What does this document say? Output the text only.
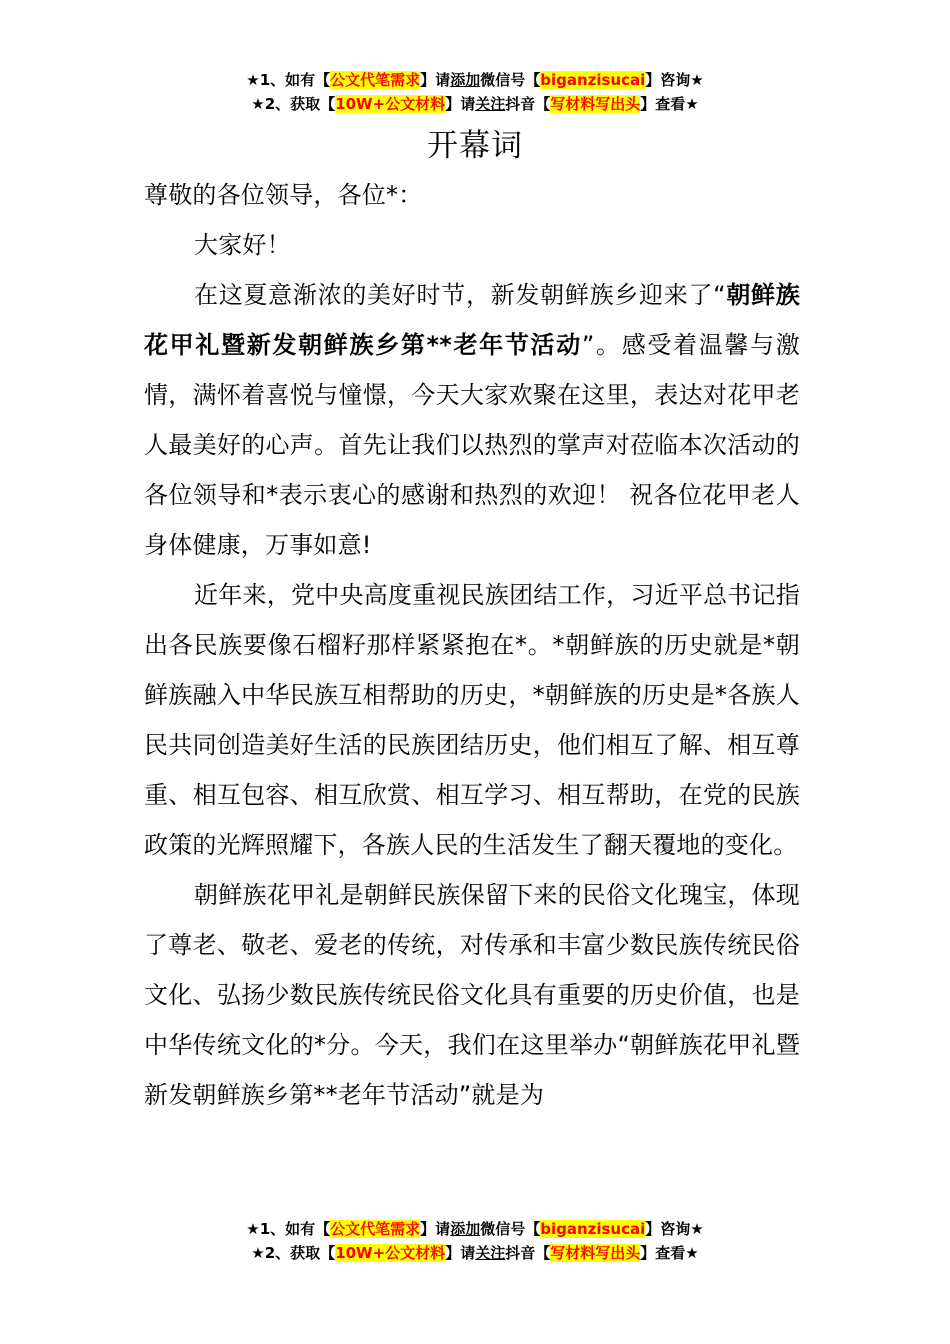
★1、如有【公文代笔需求】请添加微信号【biganzisucai】咨询★
★2、获取【10W+公文材料】请关注抖音【写材料写出头】查看★
开幕词

尊敬的各位领导，各位*：

大家好！

在这夏意渐浓的美好时节，新发朝鲜族乡迎来了“朝鲜族花甲礼暨新发朝鲜族乡第**老年节活动”。感受着温馨与激情，满怀着喜悦与憧憬，今天大家欢聚在这里，表达对花甲老人最美好的心声。首先让我们以热烈的掌声对莅临本次活动的各位领导和*表示衷心的感谢和热烈的欢迎！ 祝各位花甲老人身体健康，万事如意!

近年来，党中央高度重视民族团结工作，习近平总书记指出各民族要像石榴籽那样紧紧抱在*。*朝鲜族的历史就是*朝鲜族融入中华民族互相帮助的历史，*朝鲜族的历史是*各族人民共同创造美好生活的民族团结历史，他们相互了解、相互尊重、相互包容、相互欣赏、相互学习、相互帮助，在党的民族政策的光辉照耀下，各族人民的生活发生了翻天覆地的变化。

朝鲜族花甲礼是朝鲜民族保留下来的民俗文化瑰宝，体现了尊老、敬老、爱老的传统，对传承和丰富少数民族传统民俗文化、弘扬少数民族传统民俗文化具有重要的历史价值，也是中华传统文化的*分。今天，我们在这里举办“朝鲜族花甲礼暨新发朝鲜族乡第**老年节活动”就是为

★1、如有【公文代笔需求】请添加微信号【biganzisucai】咨询★
★2、获取【10W+公文材料】请关注抖音【写材料写出头】查看★
